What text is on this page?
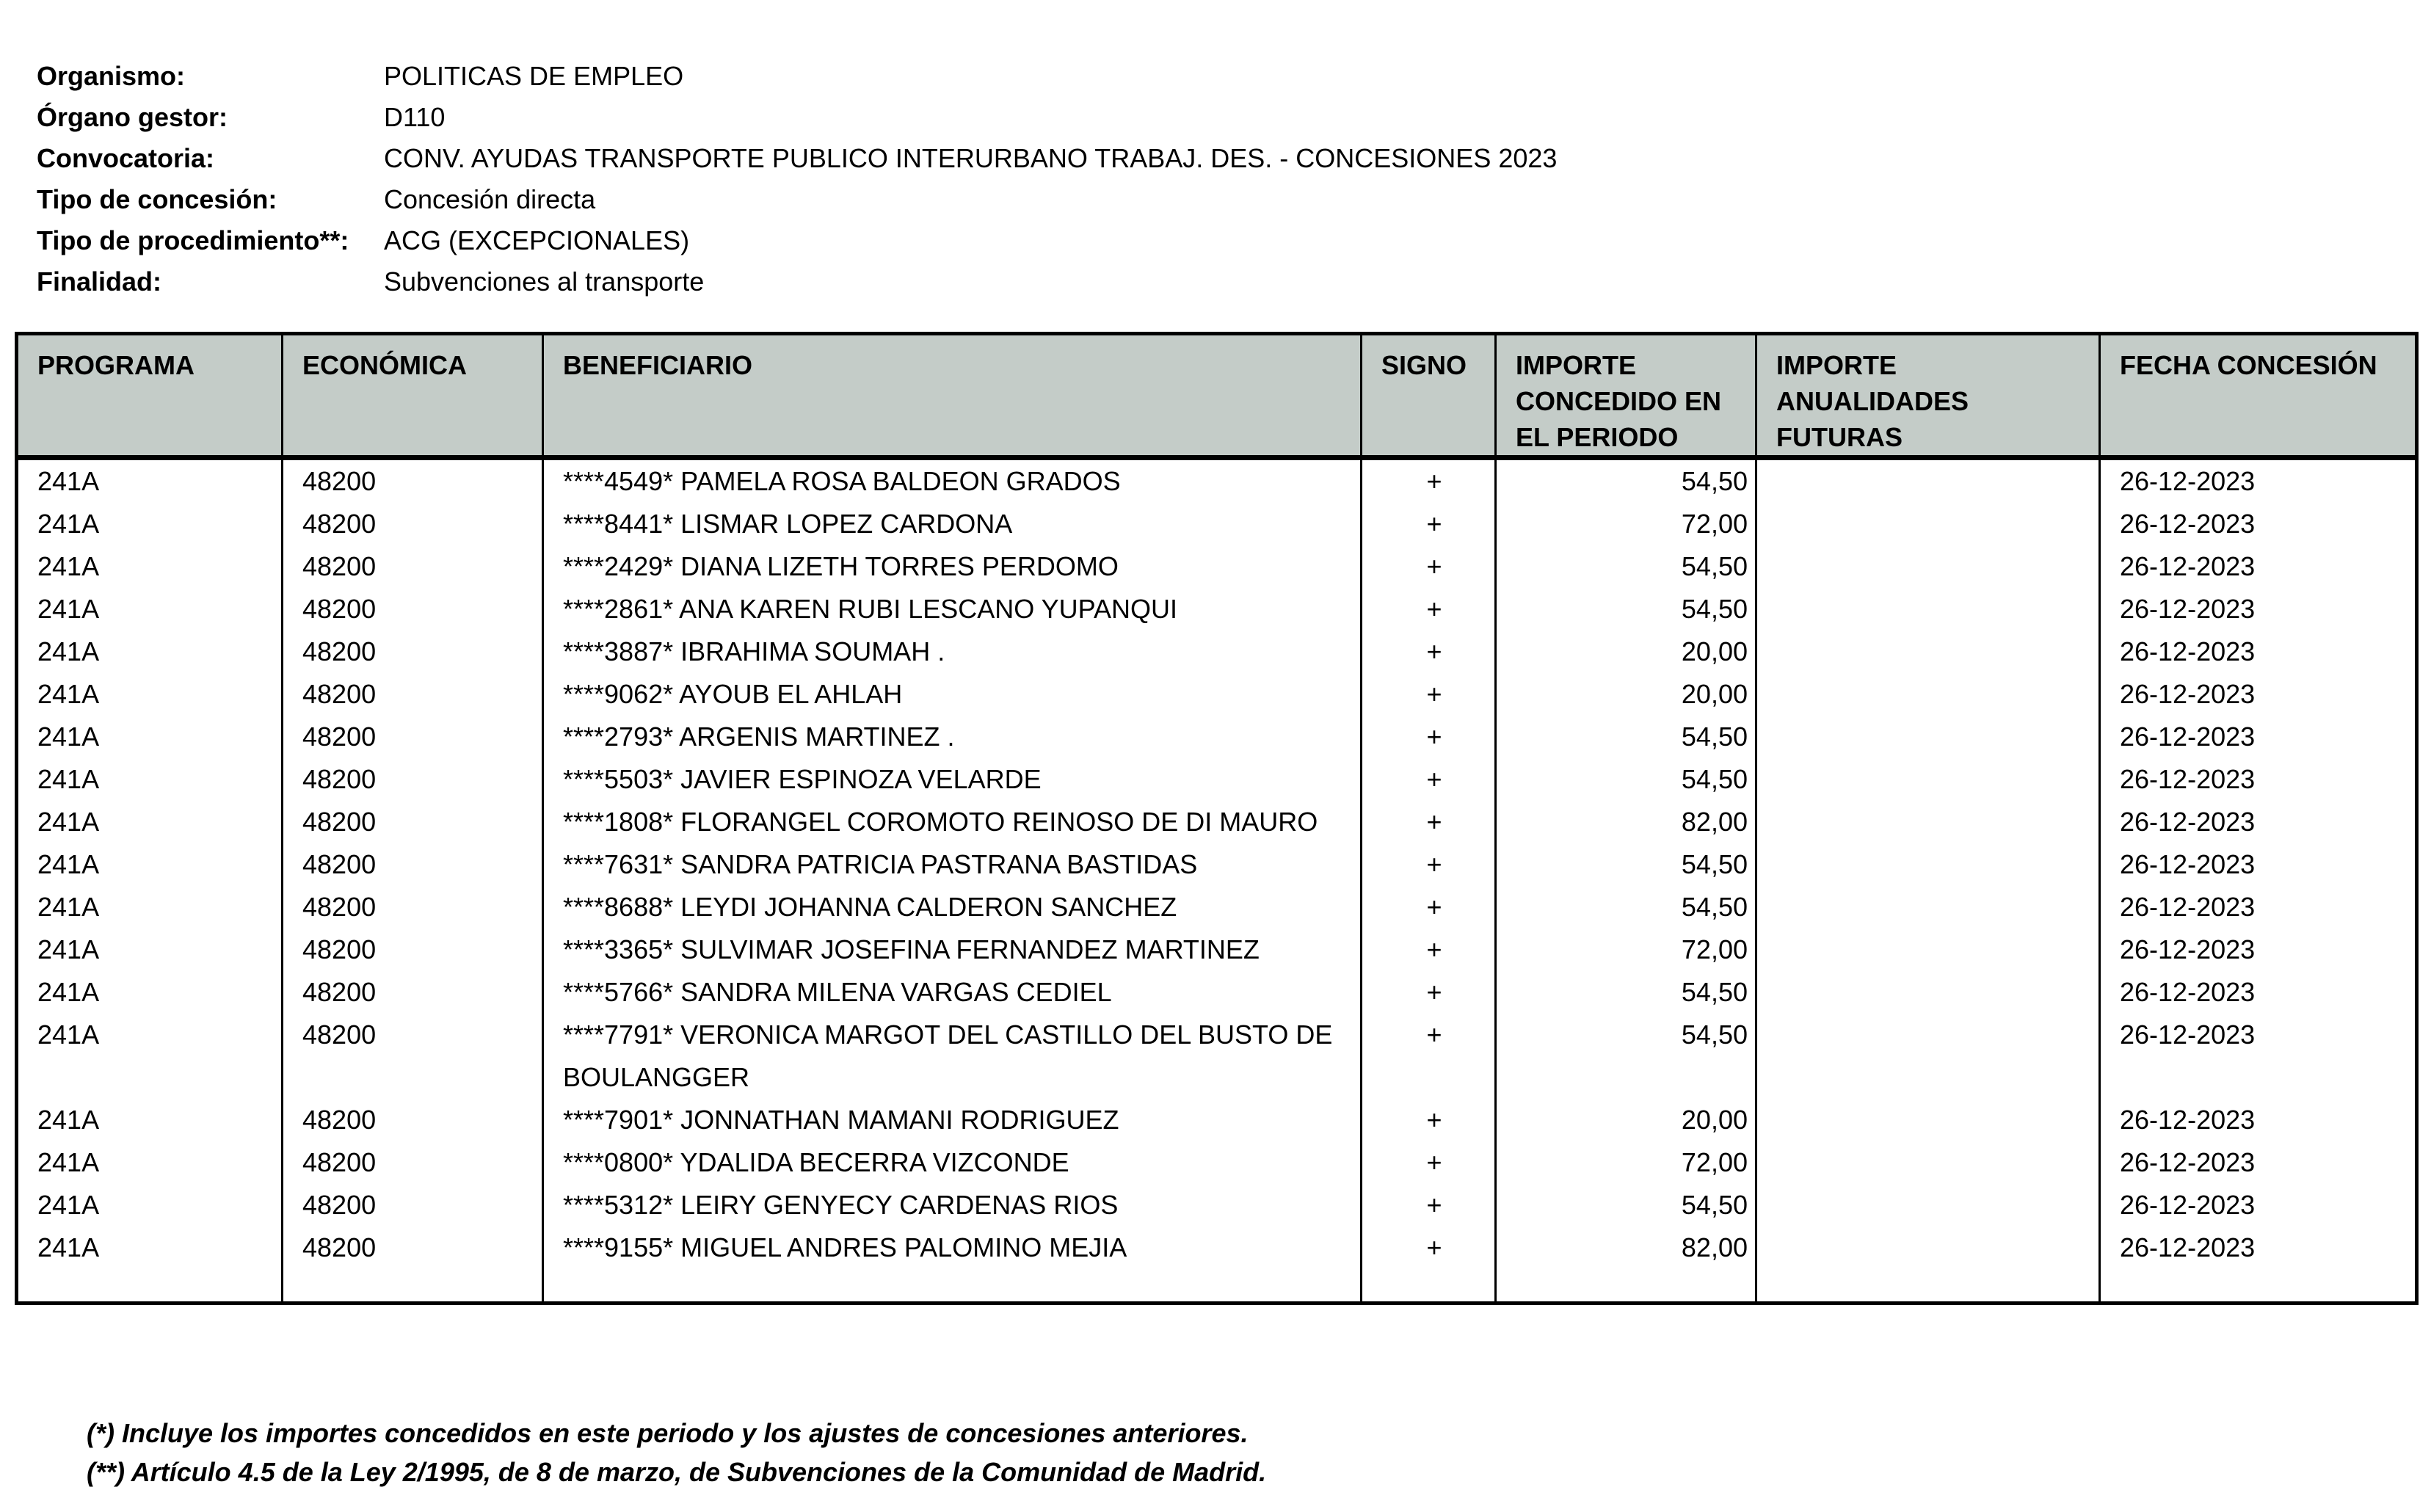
Organismo:	POLITICAS DE EMPLEO
Órgano gestor:	D110
Convocatoria:	CONV. AYUDAS TRANSPORTE PUBLICO INTERURBANO TRABAJ. DES. - CONCESIONES 2023
Tipo de concesión:	Concesión directa
Tipo de procedimiento**: ACG (EXCEPCIONALES)
Finalidad:	Subvenciones al transporte
PROGRAMA	ECONÓMICA	BENEFICIARIO	SIGNO	IMPORTE CONCEDIDO EN EL PERIODO	IMPORTE ANUALIDADES FUTURAS	FECHA CONCESIÓN
241A	48200	****4549* PAMELA ROSA BALDEON GRADOS	+	54,50		26-12-2023
241A	48200	****8441* LISMAR LOPEZ CARDONA	+	72,00		26-12-2023
241A	48200	****2429* DIANA LIZETH TORRES PERDOMO	+	54,50		26-12-2023
241A	48200	****2861* ANA KAREN RUBI LESCANO YUPANQUI	+	54,50		26-12-2023
241A	48200	****3887* IBRAHIMA SOUMAH .	+	20,00		26-12-2023
241A	48200	****9062* AYOUB EL AHLAH	+	20,00		26-12-2023
241A	48200	****2793* ARGENIS MARTINEZ .	+	54,50		26-12-2023
241A	48200	****5503* JAVIER ESPINOZA VELARDE	+	54,50		26-12-2023
241A	48200	****1808* FLORANGEL COROMOTO REINOSO DE DI MAURO	+	82,00		26-12-2023
241A	48200	****7631* SANDRA PATRICIA PASTRANA BASTIDAS	+	54,50		26-12-2023
241A	48200	****8688* LEYDI JOHANNA CALDERON SANCHEZ	+	54,50		26-12-2023
241A	48200	****3365* SULVIMAR JOSEFINA FERNANDEZ MARTINEZ	+	72,00		26-12-2023
241A	48200	****5766* SANDRA MILENA VARGAS CEDIEL	+	54,50		26-12-2023
241A	48200	****7791* VERONICA MARGOT DEL CASTILLO DEL BUSTO DE BOULANGGER	+	54,50		26-12-2023
241A	48200	****7901* JONNATHAN MAMANI RODRIGUEZ	+	20,00		26-12-2023
241A	48200	****0800* YDALIDA BECERRA VIZCONDE	+	72,00		26-12-2023
241A	48200	****5312* LEIRY GENYECY CARDENAS RIOS	+	54,50		26-12-2023
241A	48200	****9155* MIGUEL ANDRES PALOMINO MEJIA	+	82,00		26-12-2023
(*) Incluye los importes concedidos en este periodo y los ajustes de concesiones anteriores.
(**) Artículo 4.5 de la Ley 2/1995, de 8 de marzo, de Subvenciones de la Comunidad de Madrid.
